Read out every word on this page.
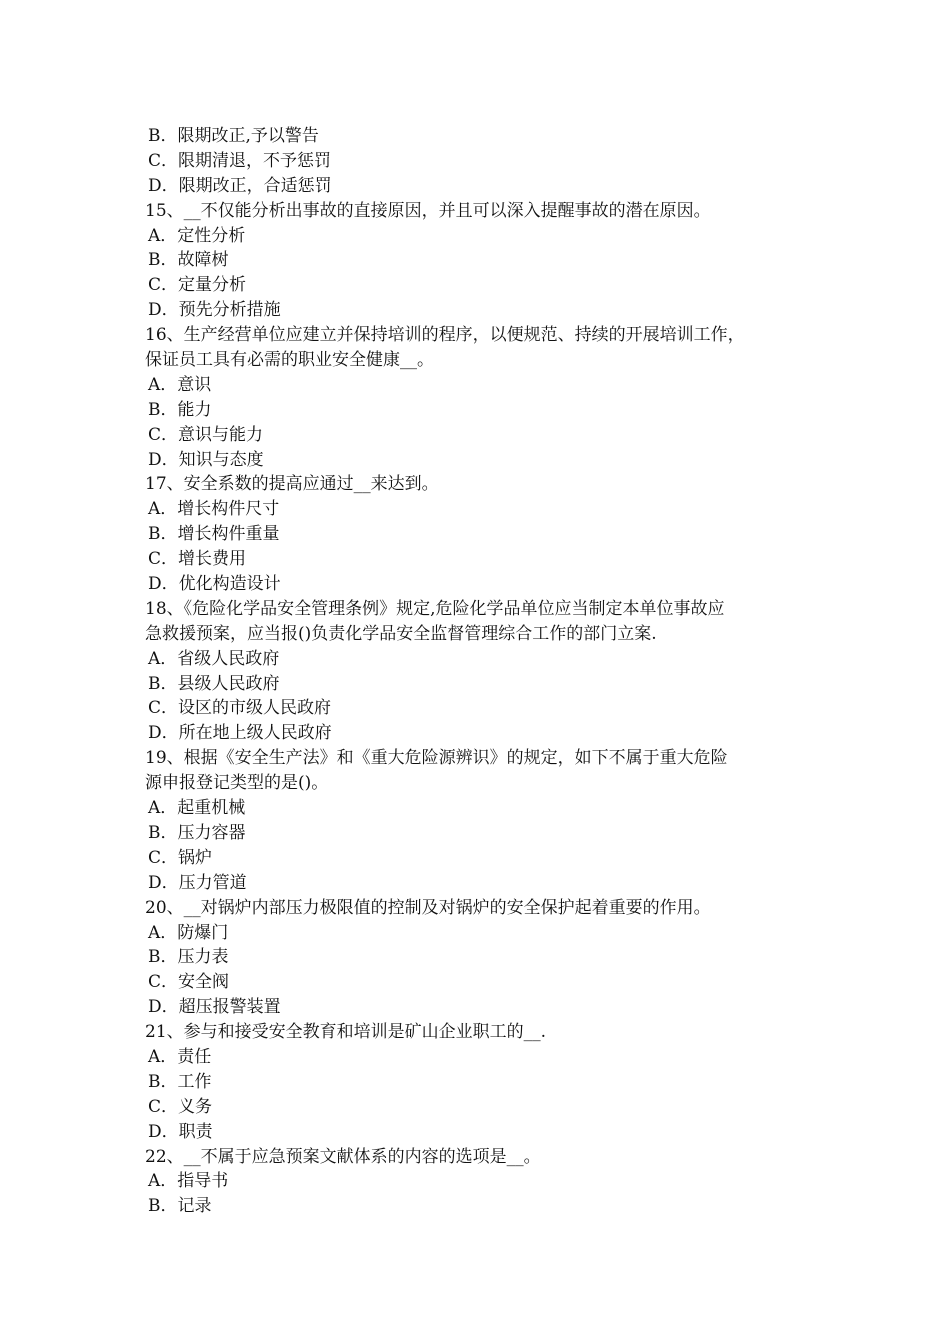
B．限期改正,予以警告
C．限期清退，不予惩罚
D．限期改正，合适惩罚
15、__不仅能分析出事故的直接原因，并且可以深入提醒事故的潜在原因。
A．定性分析
B．故障树
C．定量分析
D．预先分析措施
16、生产经营单位应建立并保持培训的程序，以便规范、持续的开展培训工作，
保证员工具有必需的职业安全健康__。
A．意识
B．能力
C．意识与能力
D．知识与态度
17、安全系数的提高应通过__来达到。
A．增长构件尺寸
B．增长构件重量
C．增长费用
D．优化构造设计
18、《危险化学品安全管理条例》规定,危险化学品单位应当制定本单位事故应
急救援预案，应当报()负责化学品安全监督管理综合工作的部门立案.
A．省级人民政府
B．县级人民政府
C．设区的市级人民政府
D．所在地上级人民政府
19、根据《安全生产法》和《重大危险源辨识》的规定，如下不属于重大危险
源申报登记类型的是()。
A．起重机械
B．压力容器
C．锅炉
D．压力管道
20、__对锅炉内部压力极限值的控制及对锅炉的安全保护起着重要的作用。
A．防爆门
B．压力表
C．安全阀
D．超压报警装置
21、参与和接受安全教育和培训是矿山企业职工的__.
A．责任
B．工作
C．义务
D．职责
22、__不属于应急预案文献体系的内容的选项是__。
A．指导书
B．记录
